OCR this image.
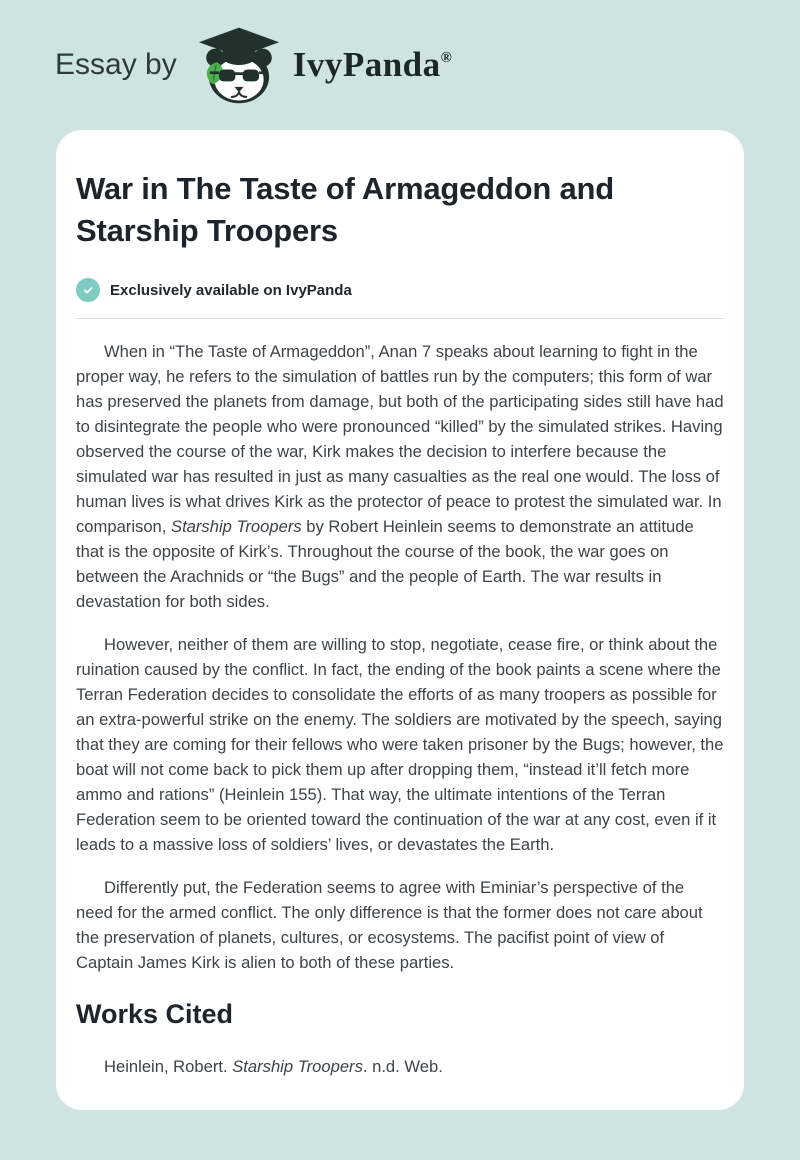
Essay by	IvyPanda®
War in The Taste of Armageddon and Starship Troopers
Exclusively available on IvyPanda

When in “The Taste of Armageddon”, Anan 7 speaks about learning to fight in the proper way, he refers to the simulation of battles run by the computers; this form of war has preserved the planets from damage, but both of the participating sides still have had to disintegrate the people who were pronounced “killed” by the simulated strikes. Having observed the course of the war, Kirk makes the decision to interfere because the simulated war has resulted in just as many casualties as the real one would. The loss of human lives is what drives Kirk as the protector of peace to protest the simulated war. In comparison, Starship Troopers by Robert Heinlein seems to demonstrate an attitude that is the opposite of Kirk’s. Throughout the course of the book, the war goes on between the Arachnids or “the Bugs” and the people of Earth. The war results in devastation for both sides.

However, neither of them are willing to stop, negotiate, cease fire, or think about the ruination caused by the conflict. In fact, the ending of the book paints a scene where the Terran Federation decides to consolidate the efforts of as many troopers as possible for an extra-powerful strike on the enemy. The soldiers are motivated by the speech, saying that they are coming for their fellows who were taken prisoner by the Bugs; however, the boat will not come back to pick them up after dropping them, “instead it’ll fetch more ammo and rations” (Heinlein 155). That way, the ultimate intentions of the Terran Federation seem to be oriented toward the continuation of the war at any cost, even if it leads to a massive loss of soldiers’ lives, or devastates the Earth.

Differently put, the Federation seems to agree with Eminiar’s perspective of the need for the armed conflict. The only difference is that the former does not care about the preservation of planets, cultures, or ecosystems. The pacifist point of view of Captain James Kirk is alien to both of these parties.

Works Cited

Heinlein, Robert. Starship Troopers. n.d. Web.
